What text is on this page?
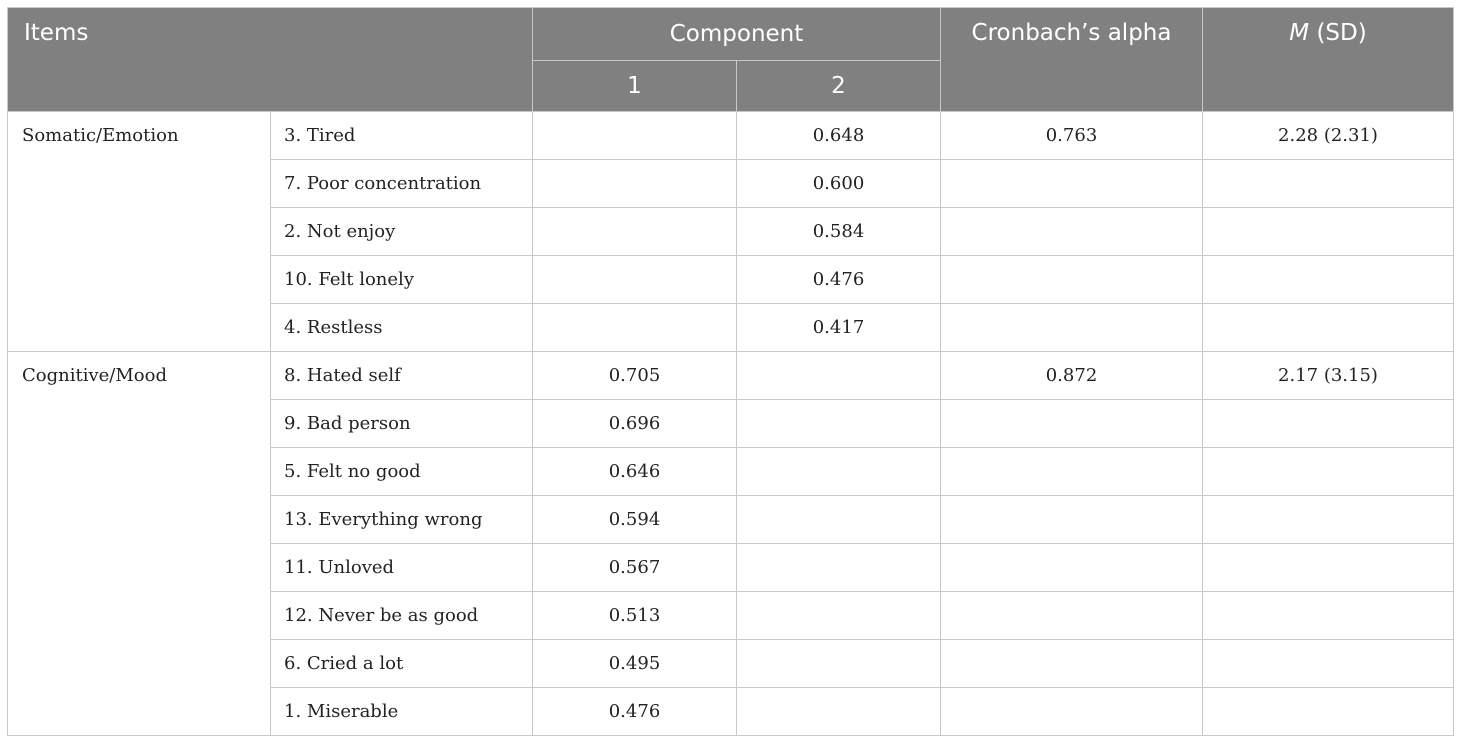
Items		Component		Cronbach’s alpha	M (SD)
		1	2		
Somatic/Emotion	3. Tired		0.648	0.763	2.28 (2.31)
	7. Poor concentration		0.600		
	2. Not enjoy		0.584		
	10. Felt lonely		0.476		
	4. Restless		0.417		
Cognitive/Mood	8. Hated self	0.705		0.872	2.17 (3.15)
	9. Bad person	0.696			
	5. Felt no good	0.646			
	13. Everything wrong	0.594			
	11. Unloved	0.567			
	12. Never be as good	0.513			
	6. Cried a lot	0.495			
	1. Miserable	0.476			
